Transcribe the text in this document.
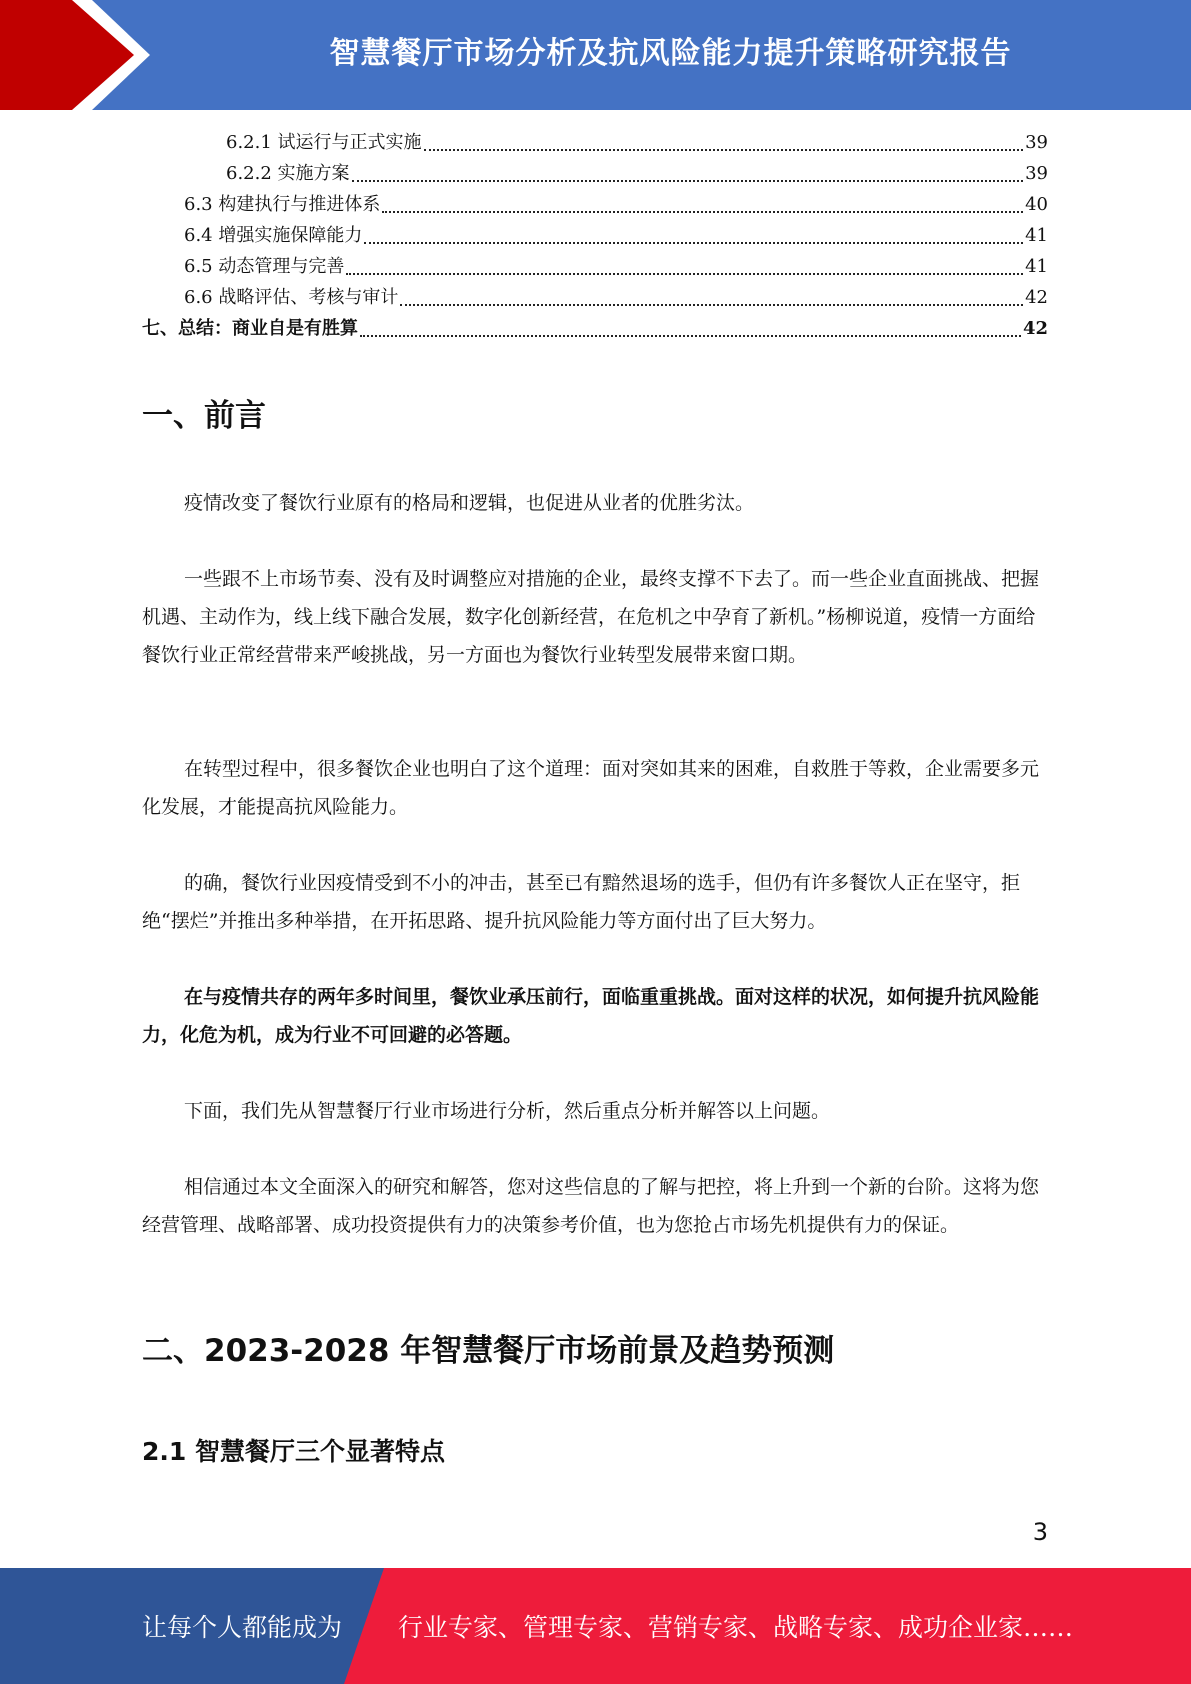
智慧餐厅市场分析及抗风险能力提升策略研究报告
6.2.1 试运行与正式实施	39
6.2.2 实施方案	39
6.3 构建执行与推进体系	40
6.4 增强实施保障能力	41
6.5 动态管理与完善	41
6.6 战略评估、考核与审计	42
七、总结：商业自是有胜算	42
一、前言

疫情改变了餐饮行业原有的格局和逻辑，也促进从业者的优胜劣汰。

一些跟不上市场节奏、没有及时调整应对措施的企业，最终支撑不下去了。而一些企业直面挑战、把握机遇、主动作为，线上线下融合发展，数字化创新经营，在危机之中孕育了新机。”杨柳说道，疫情一方面给餐饮行业正常经营带来严峻挑战，另一方面也为餐饮行业转型发展带来窗口期。

在转型过程中，很多餐饮企业也明白了这个道理：面对突如其来的困难，自救胜于等救，企业需要多元化发展，才能提高抗风险能力。

的确，餐饮行业因疫情受到不小的冲击，甚至已有黯然退场的选手，但仍有许多餐饮人正在坚守，拒绝“摆烂”并推出多种举措，在开拓思路、提升抗风险能力等方面付出了巨大努力。

在与疫情共存的两年多时间里，餐饮业承压前行，面临重重挑战。面对这样的状况，如何提升抗风险能力，化危为机，成为行业不可回避的必答题。

下面，我们先从智慧餐厅行业市场进行分析，然后重点分析并解答以上问题。

相信通过本文全面深入的研究和解答，您对这些信息的了解与把控，将上升到一个新的台阶。这将为您经营管理、战略部署、成功投资提供有力的决策参考价值，也为您抢占市场先机提供有力的保证。

二、2023-2028 年智慧餐厅市场前景及趋势预测
2.1 智慧餐厅三个显著特点
3
让每个人都能成为 行业专家、管理专家、营销专家、战略专家、成功企业家……
